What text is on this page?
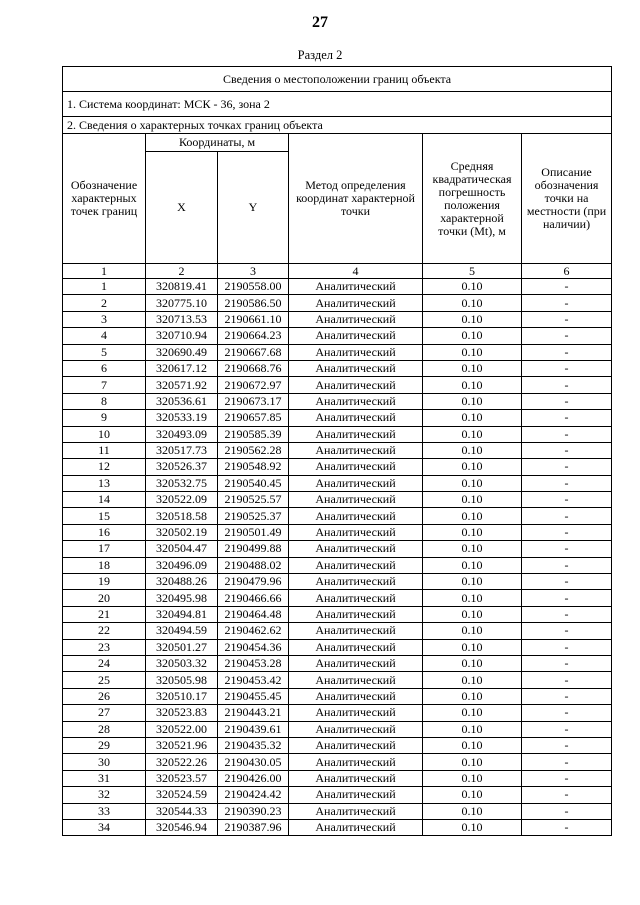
27
Раздел 2
Сведения о местоположении границ объекта					
1. Система координат: МСК - 36, зона 2					
2. Сведения о характерных точках границ объекта					
Обозначение характерных точек границ	Координаты, м		Метод определения координат характерной точки	Средняя квадратическая погрешность положения характерной точки (Mt), м	Описание обозначения точки на местности (при наличии)
	X	Y			
1	2	3	4	5	6
1	320819.41	2190558.00	Аналитический	0.10	-
2	320775.10	2190586.50	Аналитический	0.10	-
3	320713.53	2190661.10	Аналитический	0.10	-
4	320710.94	2190664.23	Аналитический	0.10	-
5	320690.49	2190667.68	Аналитический	0.10	-
6	320617.12	2190668.76	Аналитический	0.10	-
7	320571.92	2190672.97	Аналитический	0.10	-
8	320536.61	2190673.17	Аналитический	0.10	-
9	320533.19	2190657.85	Аналитический	0.10	-
10	320493.09	2190585.39	Аналитический	0.10	-
11	320517.73	2190562.28	Аналитический	0.10	-
12	320526.37	2190548.92	Аналитический	0.10	-
13	320532.75	2190540.45	Аналитический	0.10	-
14	320522.09	2190525.57	Аналитический	0.10	-
15	320518.58	2190525.37	Аналитический	0.10	-
16	320502.19	2190501.49	Аналитический	0.10	-
17	320504.47	2190499.88	Аналитический	0.10	-
18	320496.09	2190488.02	Аналитический	0.10	-
19	320488.26	2190479.96	Аналитический	0.10	-
20	320495.98	2190466.66	Аналитический	0.10	-
21	320494.81	2190464.48	Аналитический	0.10	-
22	320494.59	2190462.62	Аналитический	0.10	-
23	320501.27	2190454.36	Аналитический	0.10	-
24	320503.32	2190453.28	Аналитический	0.10	-
25	320505.98	2190453.42	Аналитический	0.10	-
26	320510.17	2190455.45	Аналитический	0.10	-
27	320523.83	2190443.21	Аналитический	0.10	-
28	320522.00	2190439.61	Аналитический	0.10	-
29	320521.96	2190435.32	Аналитический	0.10	-
30	320522.26	2190430.05	Аналитический	0.10	-
31	320523.57	2190426.00	Аналитический	0.10	-
32	320524.59	2190424.42	Аналитический	0.10	-
33	320544.33	2190390.23	Аналитический	0.10	-
34	320546.94	2190387.96	Аналитический	0.10	-
